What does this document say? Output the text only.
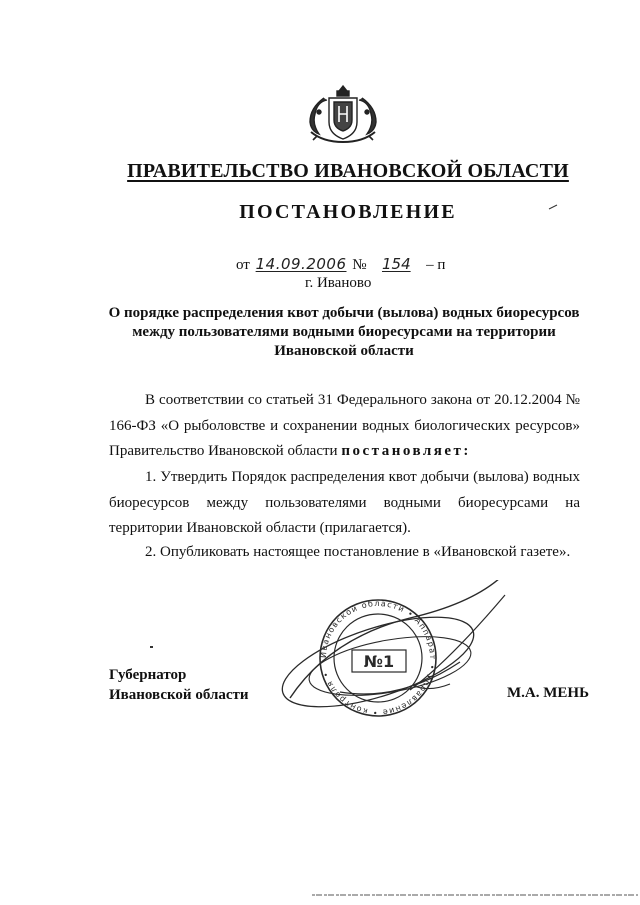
ПРАВИТЕЛЬСТВО ИВАНОВСКОЙ ОБЛАСТИ
ПОСТАНОВЛЕНИЕ
от 14.09.2006 № 154 – п
г. Иваново
О порядке распределения квот добычи (вылова) водных биоресурсов между пользователями водными биоресурсами на территории Ивановской области
В соответствии со статьей 31 Федерального закона от 20.12.2004 № 166-ФЗ «О рыболовстве и сохранении водных биологических ресурсов» Правительство Ивановской области постановляет:
1. Утвердить Порядок распределения квот добычи (вылова) водных биоресурсов между пользователями водными биоресурсами на территории Ивановской области (прилагается).
2. Опубликовать настоящее постановление в «Ивановской газете».
Ивановской области • Аппарат • Управление • контроля •
№1
Губернатор
Ивановской области	М.А. МЕНЬ
